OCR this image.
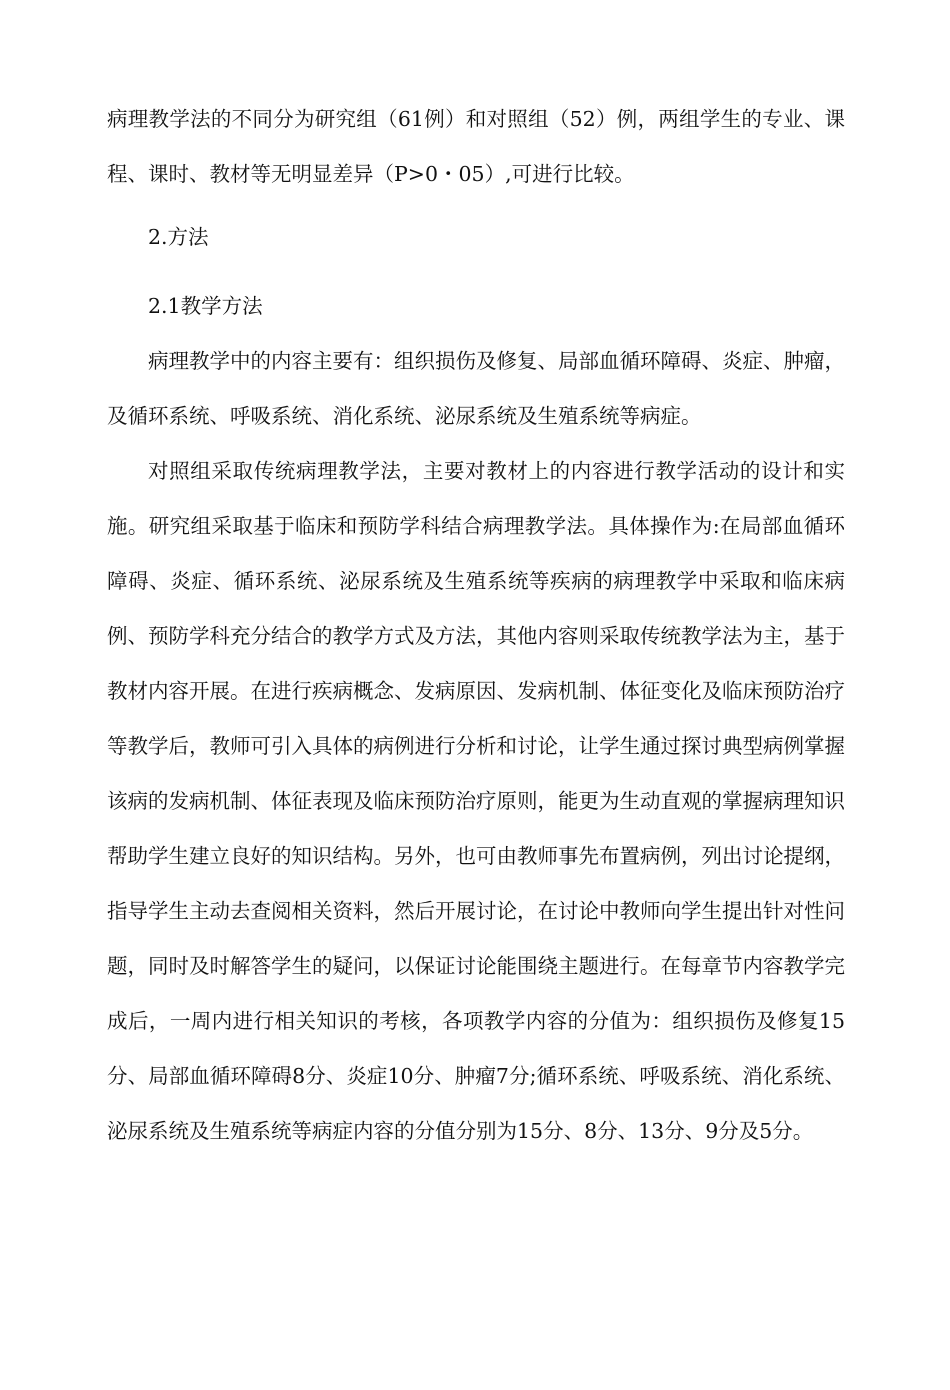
病理教学法的不同分为研究组（61例）和对照组（52）例，两组学生的专业、课程、课时、教材等无明显差异（P>0・05）,可进行比较。

2.方法

2.1教学方法

病理教学中的内容主要有：组织损伤及修复、局部血循环障碍、炎症、肿瘤，及循环系统、呼吸系统、消化系统、泌尿系统及生殖系统等病症。

对照组采取传统病理教学法，主要对教材上的内容进行教学活动的设计和实施。研究组采取基于临床和预防学科结合病理教学法。具体操作为:在局部血循环障碍、炎症、循环系统、泌尿系统及生殖系统等疾病的病理教学中采取和临床病例、预防学科充分结合的教学方式及方法，其他内容则采取传统教学法为主，基于教材内容开展。在进行疾病概念、发病原因、发病机制、体征变化及临床预防治疗等教学后，教师可引入具体的病例进行分析和讨论，让学生通过探讨典型病例掌握该病的发病机制、体征表现及临床预防治疗原则，能更为生动直观的掌握病理知识帮助学生建立良好的知识结构。另外，也可由教师事先布置病例，列出讨论提纲，指导学生主动去查阅相关资料，然后开展讨论，在讨论中教师向学生提出针对性问题，同时及时解答学生的疑问，以保证讨论能围绕主题进行。在每章节内容教学完成后，一周内进行相关知识的考核，各项教学内容的分值为：组织损伤及修复15分、局部血循环障碍8分、炎症10分、肿瘤7分;循环系统、呼吸系统、消化系统、泌尿系统及生殖系统等病症内容的分值分别为15分、8分、13分、9分及5分。
